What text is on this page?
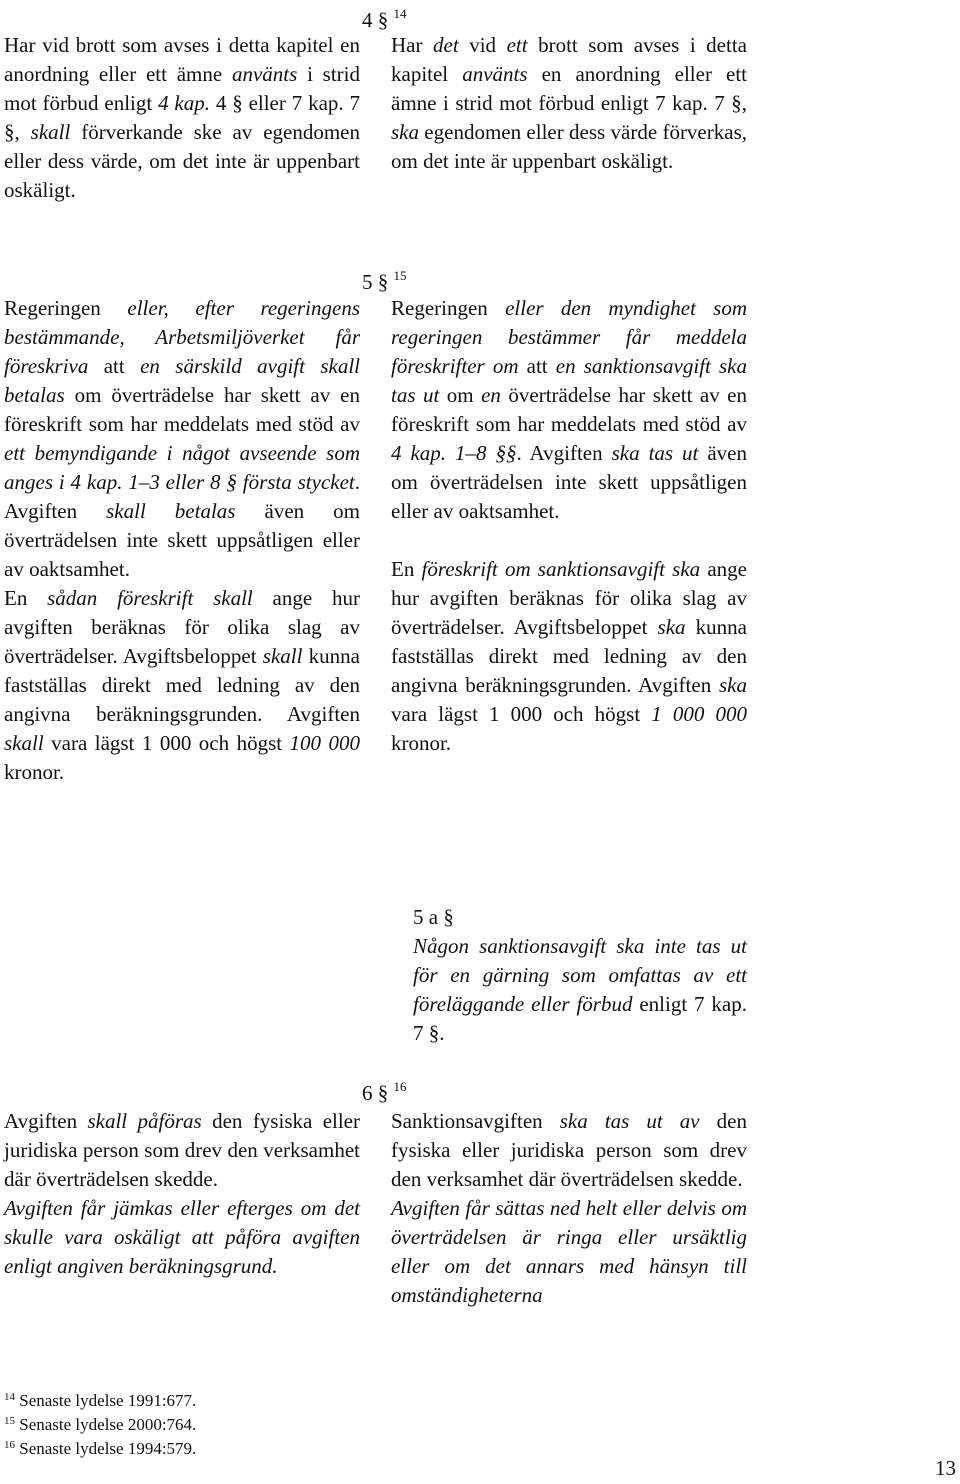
4 § $^{14}$

Har vid brott som avses i detta kapitel en anordning eller ett ämne använts i strid mot förbud enligt 4 kap. 4 § eller 7 kap. 7 §, skall förverkande ske av egendomen eller dess värde, om det inte är uppenbart oskäligt.

Har det vid ett brott som avses i detta kapitel använts en anordning eller ett ämne i strid mot förbud enligt 7 kap. 7 §, ska egendomen eller dess värde förverkas, om det inte är uppenbart oskäligt.

5 § $^{15}$

Regeringen eller, efter regeringens bestämmande, Arbetsmiljöverket får föreskriva att en särskild avgift skall betalas om överträdelse har skett av en föreskrift som har meddelats med stöd av ett bemyndigande i något avseende som anges i 4 kap. 1–3 eller 8 § första stycket. Avgiften skall betalas även om överträdelsen inte skett uppsåtligen eller av oaktsamhet.

En sådan föreskrift skall ange hur avgiften beräknas för olika slag av överträdelser. Avgiftsbeloppet skall kunna fastställas direkt med ledning av den angivna beräkningsgrunden. Avgiften skall vara lägst 1 000 och högst 100 000 kronor.

Regeringen eller den myndighet som regeringen bestämmer får meddela föreskrifter om att en sanktionsavgift ska tas ut om en överträdelse har skett av en föreskrift som har meddelats med stöd av 4 kap. 1–8 §§. Avgiften ska tas ut även om överträdelsen inte skett uppsåtligen eller av oaktsamhet.

En föreskrift om sanktionsavgift ska ange hur avgiften beräknas för olika slag av överträdelser. Avgiftsbeloppet ska kunna fastställas direkt med ledning av den angivna beräkningsgrunden. Avgiften ska vara lägst 1 000 och högst 1 000 000 kronor.

5 a §

Någon sanktionsavgift ska inte tas ut för en gärning som omfattas av ett föreläggande eller förbud enligt 7 kap. 7 §.

6 § $^{16}$

Avgiften skall påföras den fysiska eller juridiska person som drev den verksamhet där överträdelsen skedde.

Avgiften får jämkas eller efterges om det skulle vara oskäligt att påföra avgiften enligt angiven beräkningsgrund.

Sanktionsavgiften ska tas ut av den fysiska eller juridiska person som drev den verksamhet där överträdelsen skedde.

Avgiften får sättas ned helt eller delvis om överträdelsen är ringa eller ursäktlig eller om det annars med hänsyn till omständigheterna

$^{14}$ Senaste lydelse 1991:677.
$^{15}$ Senaste lydelse 2000:764.
$^{16}$ Senaste lydelse 1994:579.
13
